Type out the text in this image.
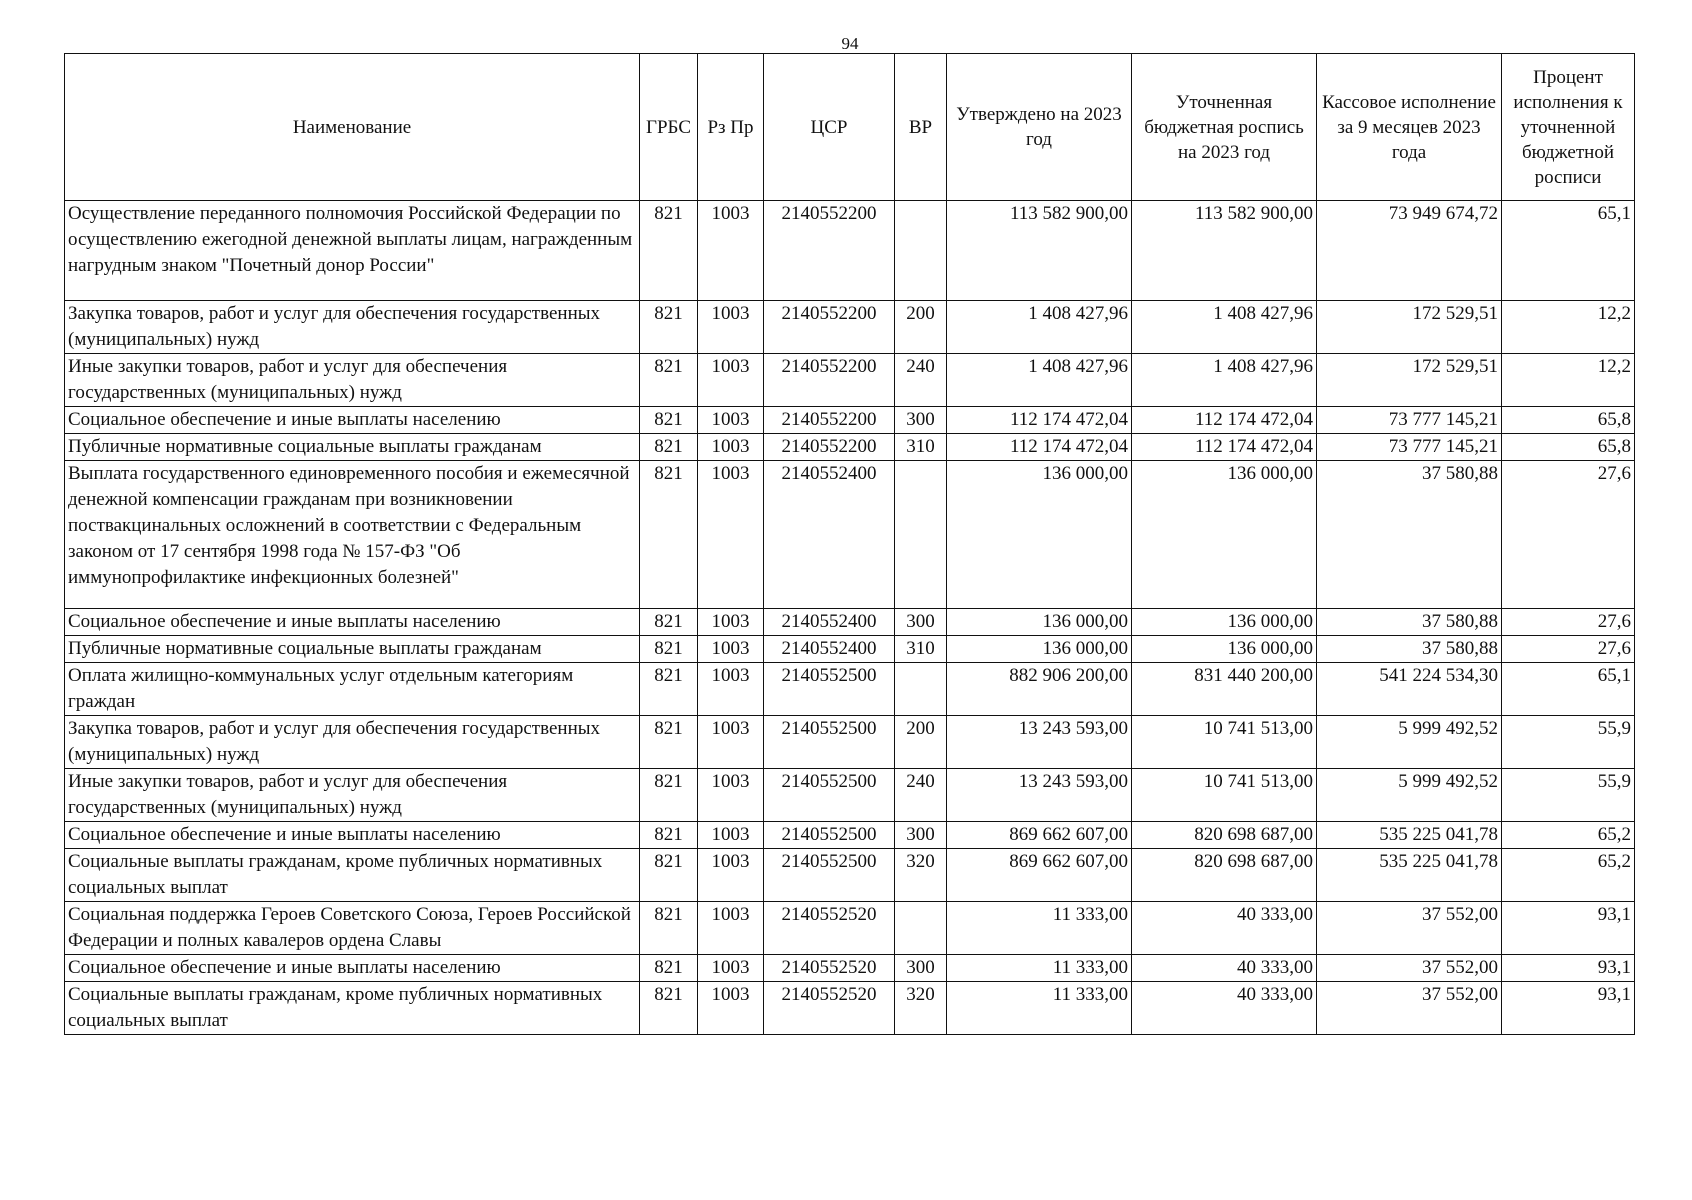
94
Наименование	ГРБС	Рз Пр	ЦСР	ВР	Утверждено на 2023 год	Уточненная бюджетная роспись на 2023 год	Кассовое исполнение за 9 месяцев 2023 года	Процент исполнения к уточненной бюджетной росписи
Осуществление переданного полномочия Российской Федерации по осуществлению ежегодной денежной выплаты лицам, награжденным нагрудным знаком "Почетный донор России"	821	1003	2140552200		113 582 900,00	113 582 900,00	73 949 674,72	65,1
Закупка товаров, работ и услуг для обеспечения государственных (муниципальных) нужд	821	1003	2140552200	200	1 408 427,96	1 408 427,96	172 529,51	12,2
Иные закупки товаров, работ и услуг для обеспечения государственных (муниципальных) нужд	821	1003	2140552200	240	1 408 427,96	1 408 427,96	172 529,51	12,2
Социальное обеспечение и иные выплаты населению	821	1003	2140552200	300	112 174 472,04	112 174 472,04	73 777 145,21	65,8
Публичные нормативные социальные выплаты гражданам	821	1003	2140552200	310	112 174 472,04	112 174 472,04	73 777 145,21	65,8
Выплата государственного единовременного пособия и ежемесячной денежной компенсации гражданам при возникновении поствакцинальных осложнений в соответствии с Федеральным законом от 17 сентября 1998 года № 157-ФЗ "Об иммунопрофилактике инфекционных болезней"	821	1003	2140552400		136 000,00	136 000,00	37 580,88	27,6
Социальное обеспечение и иные выплаты населению	821	1003	2140552400	300	136 000,00	136 000,00	37 580,88	27,6
Публичные нормативные социальные выплаты гражданам	821	1003	2140552400	310	136 000,00	136 000,00	37 580,88	27,6
Оплата жилищно-коммунальных услуг отдельным категориям граждан	821	1003	2140552500		882 906 200,00	831 440 200,00	541 224 534,30	65,1
Закупка товаров, работ и услуг для обеспечения государственных (муниципальных) нужд	821	1003	2140552500	200	13 243 593,00	10 741 513,00	5 999 492,52	55,9
Иные закупки товаров, работ и услуг для обеспечения государственных (муниципальных) нужд	821	1003	2140552500	240	13 243 593,00	10 741 513,00	5 999 492,52	55,9
Социальное обеспечение и иные выплаты населению	821	1003	2140552500	300	869 662 607,00	820 698 687,00	535 225 041,78	65,2
Социальные выплаты гражданам, кроме публичных нормативных социальных выплат	821	1003	2140552500	320	869 662 607,00	820 698 687,00	535 225 041,78	65,2
Социальная поддержка Героев Советского Союза, Героев Российской Федерации и полных кавалеров ордена Славы	821	1003	2140552520		11 333,00	40 333,00	37 552,00	93,1
Социальное обеспечение и иные выплаты населению	821	1003	2140552520	300	11 333,00	40 333,00	37 552,00	93,1
Социальные выплаты гражданам, кроме публичных нормативных социальных выплат	821	1003	2140552520	320	11 333,00	40 333,00	37 552,00	93,1
